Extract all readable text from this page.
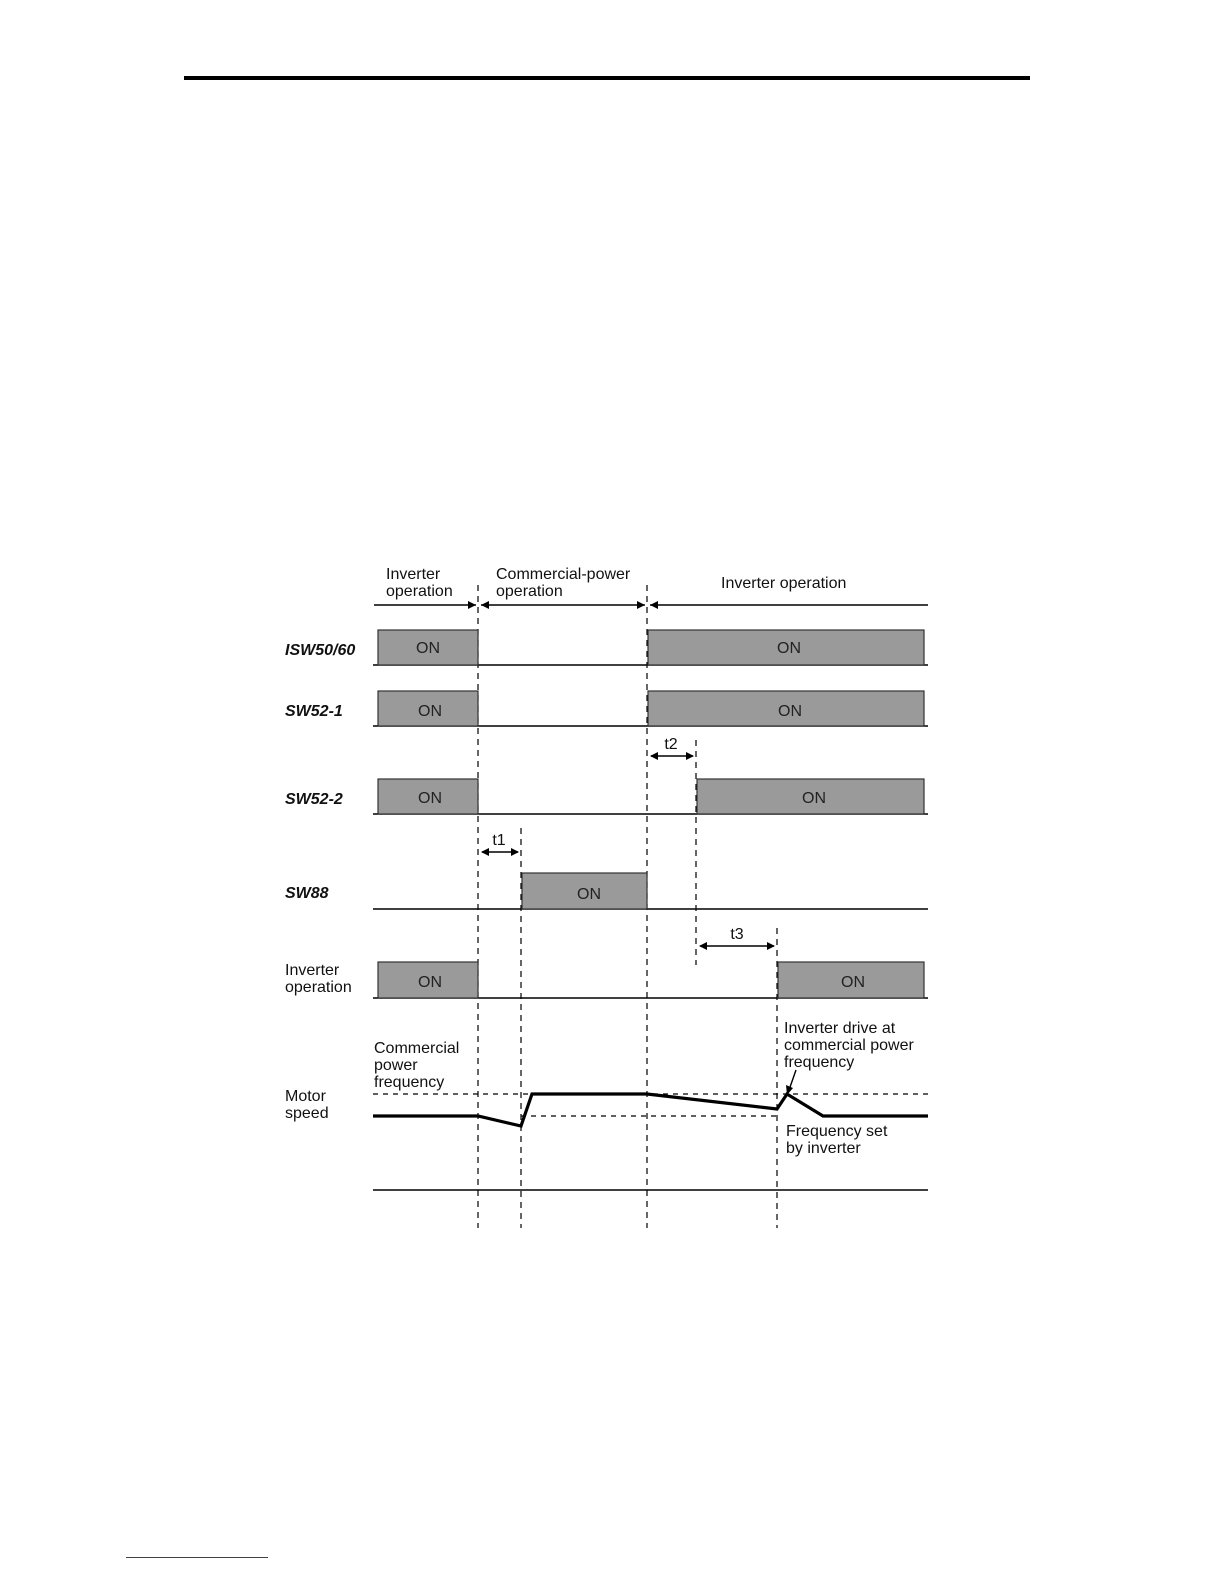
Inverter operation
Commercial-power operation	Inverter operation
ISW50/60	ON	ON
SW52-1	ON	ON
t2
SW52-2	ON	ON
t1
SW88	ON
t3
Inverter operation	ON	ON
Commercial power frequency
Motor speed
Inverter drive at commercial power frequency
Frequency set by inverter
